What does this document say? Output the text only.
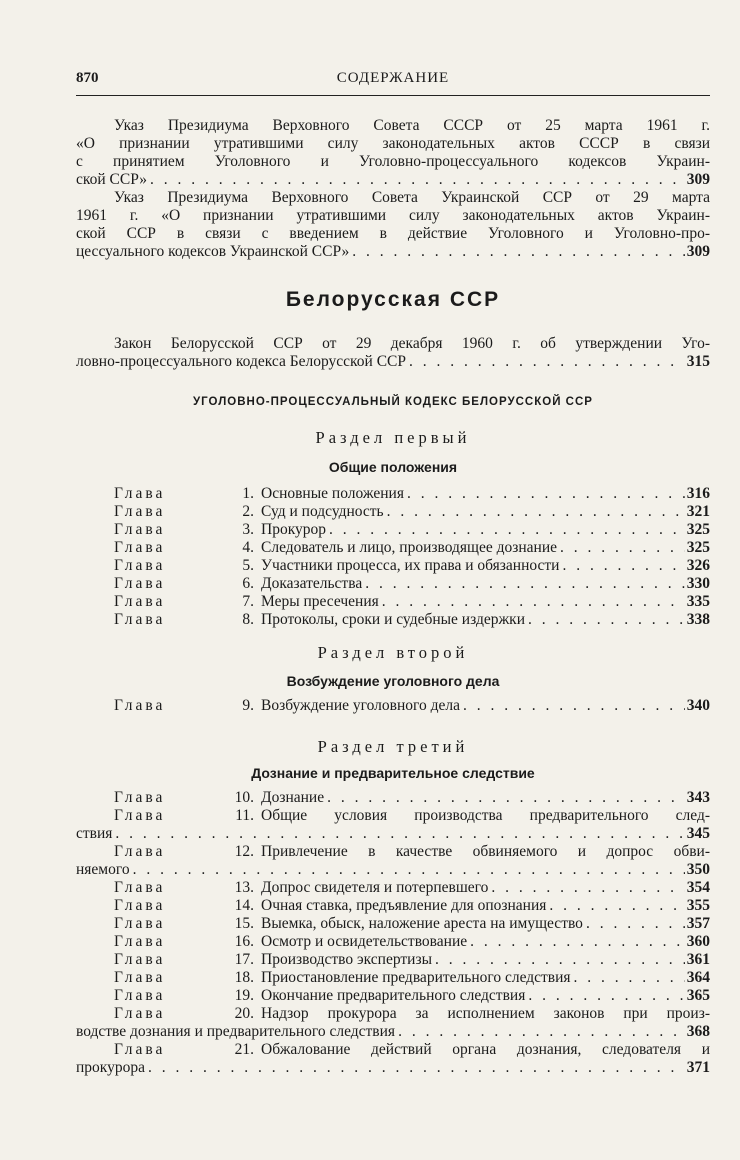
870	СОДЕРЖАНИЕ
Указ Президиума Верховного Совета СССР от 25 марта 1961 г.
«О признании утратившими силу законодательных актов СССР в связи
с принятием Уголовного и Уголовно-процессуального кодексов Украин-
ской ССР» . . .	309
Указ Президиума Верховного Совета Украинской ССР от 29 марта
1961 г. «О признании утратившими силу законодательных актов Украин-
ской ССР в связи с введением в действие Уголовного и Уголовно-про-
цессуального кодексов Украинской ССР» . . .	309
Белорусская ССР
Закон Белорусской ССР от 29 декабря 1960 г. об утверждении Уго-
ловно-процессуального кодекса Белорусской ССР . . .	315
УГОЛОВНО-ПРОЦЕССУАЛЬНЫЙ КОДЕКС БЕЛОРУССКОЙ ССР
Раздел первый
Общие положения
Глава	1. Основные положения . . .	316
Глава	2. Суд и подсудность . . .	321
Глава	3. Прокурор . . .	325
Глава	4. Следователь и лицо, производящее дознание . . .	325
Глава	5. Участники процесса, их права и обязанности . . .	326
Глава	6. Доказательства . . .	330
Глава	7. Меры пресечения . . .	335
Глава	8. Протоколы, сроки и судебные издержки . . .	338
Раздел второй
Возбуждение уголовного дела
Глава	9. Возбуждение уголовного дела . . .	340
Раздел третий
Дознание и предварительное следствие
Глава	10. Дознание . . .	343
Глава	11. Общие условия производства предварительного след-
ствия . . .	345
Глава	12. Привлечение в качестве обвиняемого и допрос обви-
няемого . . .	350
Глава	13. Допрос свидетеля и потерпевшего . . .	354
Глава	14. Очная ставка, предъявление для опознания . . .	355
Глава	15. Выемка, обыск, наложение ареста на имущество . . .	357
Глава	16. Осмотр и освидетельствование . . .	360
Глава	17. Производство экспертизы . . .	361
Глава	18. Приостановление предварительного следствия . . .	364
Глава	19. Окончание предварительного следствия . . .	365
Глава	20. Надзор прокурора за исполнением законов при произ-
водстве дознания и предварительного следствия . . .	368
Глава	21. Обжалование действий органа дознания, следователя и
прокурора . . .	371
